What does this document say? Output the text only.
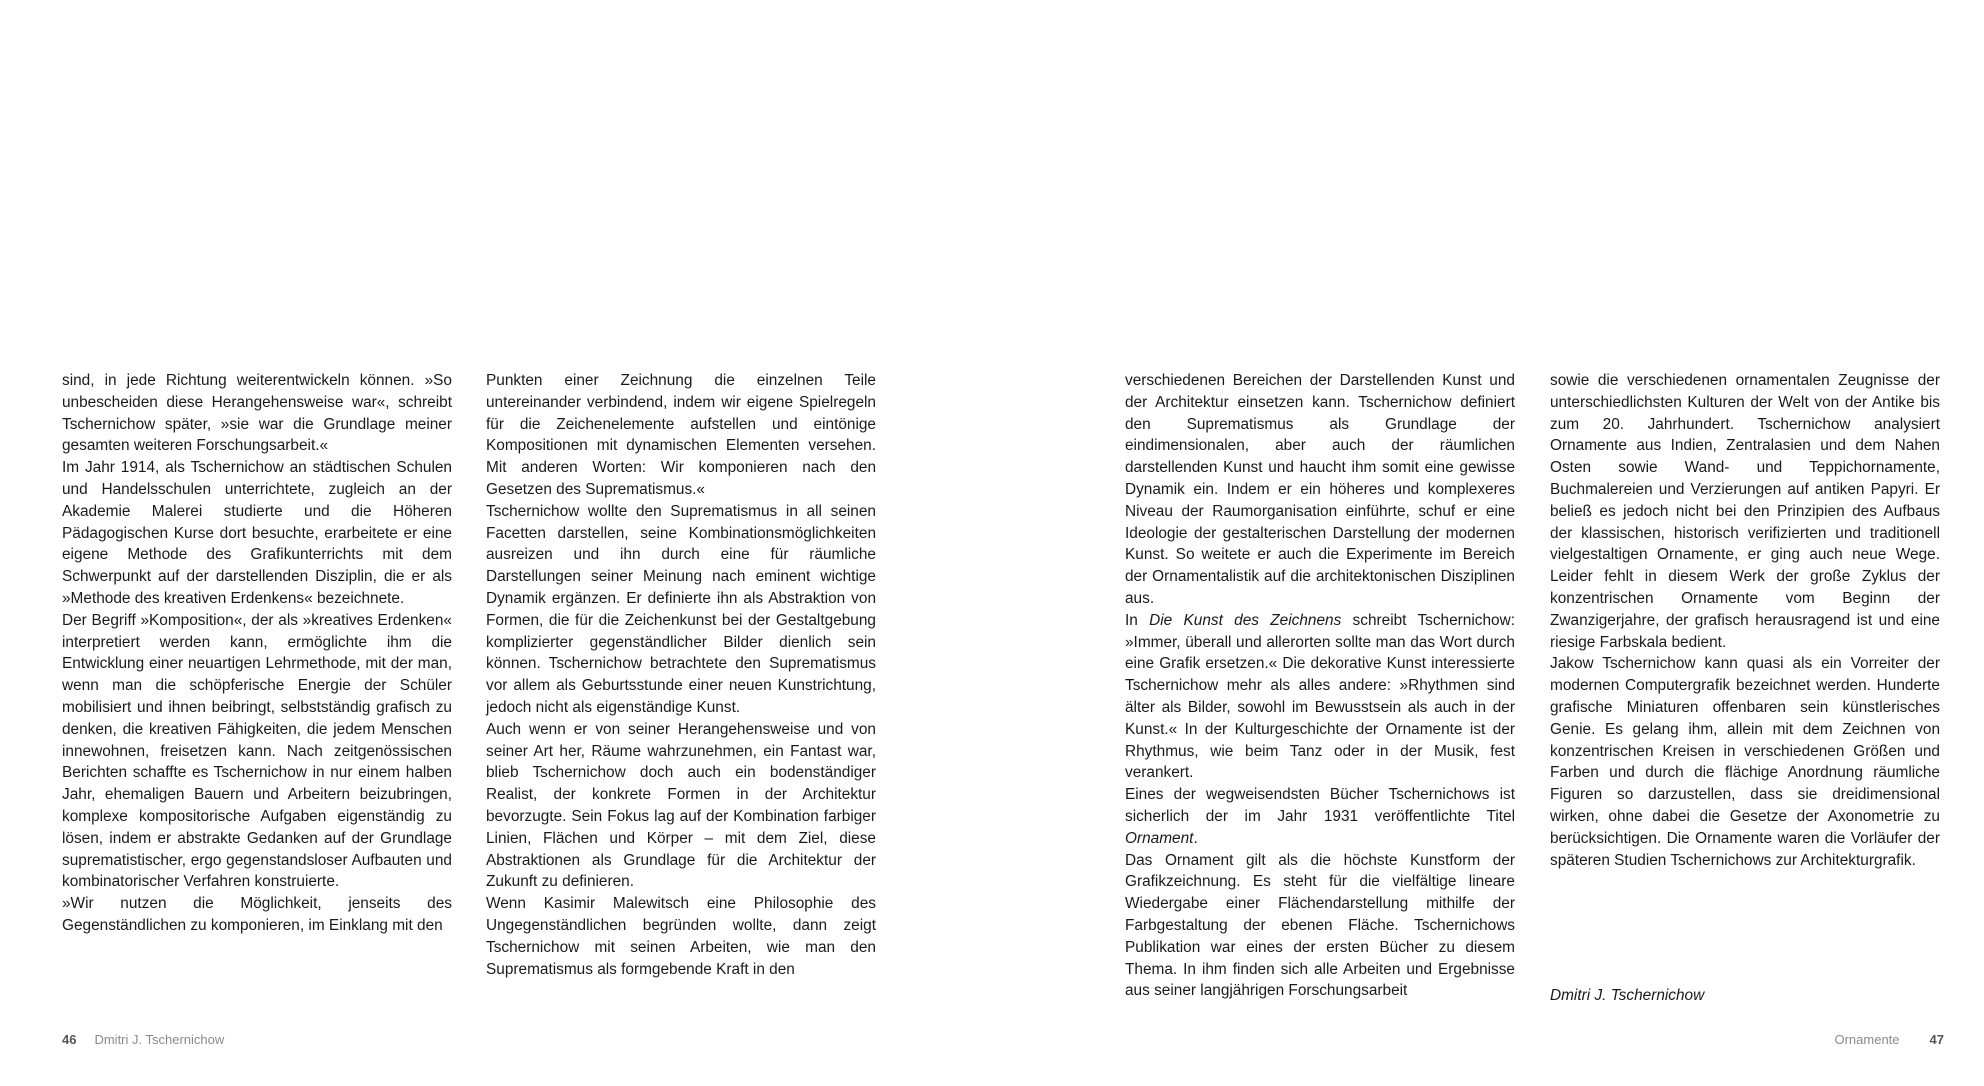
sind, in jede Richtung weiterentwickeln können. »So unbescheiden diese Herangehensweise war«, schreibt Tschernichow später, »sie war die Grundlage meiner gesamten weiteren Forschungsarbeit.«

Im Jahr 1914, als Tschernichow an städtischen Schulen und Handelsschulen unterrichtete, zugleich an der Akademie Malerei studierte und die Höheren Pädagogischen Kurse dort besuchte, erarbeitete er eine eigene Methode des Grafikunterrichts mit dem Schwerpunkt auf der darstellenden Disziplin, die er als »Methode des kreativen Erdenkens« bezeichnete.

Der Begriff »Komposition«, der als »kreatives Erdenken« interpretiert werden kann, ermöglichte ihm die Entwicklung einer neuartigen Lehrmethode, mit der man, wenn man die schöpferische Energie der Schüler mobilisiert und ihnen beibringt, selbstständig grafisch zu denken, die kreativen Fähigkeiten, die jedem Menschen innewohnen, freisetzen kann. Nach zeitgenössischen Berichten schaffte es Tschernichow in nur einem halben Jahr, ehemaligen Bauern und Arbeitern beizubringen, komplexe kompositorische Aufgaben eigenständig zu lösen, indem er abstrakte Gedanken auf der Grundlage suprematistischer, ergo gegenstandsloser Aufbauten und kombinatorischer Verfahren konstruierte.

»Wir nutzen die Möglichkeit, jenseits des Gegenständlichen zu komponieren, im Einklang mit den

Punkten einer Zeichnung die einzelnen Teile untereinander verbindend, indem wir eigene Spielregeln für die Zeichenelemente aufstellen und eintönige Kompositionen mit dynamischen Elementen versehen. Mit anderen Worten: Wir komponieren nach den Gesetzen des Suprematismus.«

Tschernichow wollte den Suprematismus in all seinen Facetten darstellen, seine Kombinationsmöglichkeiten ausreizen und ihn durch eine für räumliche Darstellungen seiner Meinung nach eminent wichtige Dynamik ergänzen. Er definierte ihn als Abstraktion von Formen, die für die Zeichenkunst bei der Gestaltgebung komplizierter gegenständlicher Bilder dienlich sein können. Tschernichow betrachtete den Suprematismus vor allem als Geburtsstunde einer neuen Kunstrichtung, jedoch nicht als eigenständige Kunst.

Auch wenn er von seiner Herangehensweise und von seiner Art her, Räume wahrzunehmen, ein Fantast war, blieb Tschernichow doch auch ein bodenständiger Realist, der konkrete Formen in der Architektur bevorzugte. Sein Fokus lag auf der Kombination farbiger Linien, Flächen und Körper – mit dem Ziel, diese Abstraktionen als Grundlage für die Architektur der Zukunft zu definieren.

Wenn Kasimir Malewitsch eine Philosophie des Ungegenständlichen begründen wollte, dann zeigt Tschernichow mit seinen Arbeiten, wie man den Suprematismus als formgebende Kraft in den

46 Dmitri J. Tschernichow

verschiedenen Bereichen der Darstellenden Kunst und der Architektur einsetzen kann. Tschernichow definiert den Suprematismus als Grundlage der eindimensionalen, aber auch der räumlichen darstellenden Kunst und haucht ihm somit eine gewisse Dynamik ein. Indem er ein höheres und komplexeres Niveau der Raumorganisation einführte, schuf er eine Ideologie der gestalterischen Darstellung der modernen Kunst. So weitete er auch die Experimente im Bereich der Ornamentalistik auf die architektonischen Disziplinen aus.

In Die Kunst des Zeichnens schreibt Tschernichow: »Immer, überall und allerorten sollte man das Wort durch eine Grafik ersetzen.« Die dekorative Kunst interessierte Tschernichow mehr als alles andere: »Rhythmen sind älter als Bilder, sowohl im Bewusstsein als auch in der Kunst.« In der Kulturgeschichte der Ornamente ist der Rhythmus, wie beim Tanz oder in der Musik, fest verankert.

Eines der wegweisendsten Bücher Tschernichows ist sicherlich der im Jahr 1931 veröffentlichte Titel Ornament.

Das Ornament gilt als die höchste Kunstform der Grafikzeichnung. Es steht für die vielfältige lineare Wiedergabe einer Flächendarstellung mithilfe der Farbgestaltung der ebenen Fläche. Tschernichows Publikation war eines der ersten Bücher zu diesem Thema. In ihm finden sich alle Arbeiten und Ergebnisse aus seiner langjährigen Forschungsarbeit

sowie die verschiedenen ornamentalen Zeugnisse der unterschiedlichsten Kulturen der Welt von der Antike bis zum 20. Jahrhundert. Tschernichow analysiert Ornamente aus Indien, Zentralasien und dem Nahen Osten sowie Wand- und Teppichornamente, Buchmalereien und Verzierungen auf antiken Papyri. Er beließ es jedoch nicht bei den Prinzipien des Aufbaus der klassischen, historisch verifizierten und traditionell vielgestaltigen Ornamente, er ging auch neue Wege. Leider fehlt in diesem Werk der große Zyklus der konzentrischen Ornamente vom Beginn der Zwanzigerjahre, der grafisch herausragend ist und eine riesige Farbskala bedient.

Jakow Tschernichow kann quasi als ein Vorreiter der modernen Computergrafik bezeichnet werden. Hunderte grafische Miniaturen offenbaren sein künstlerisches Genie. Es gelang ihm, allein mit dem Zeichnen von konzentrischen Kreisen in verschiedenen Größen und Farben und durch die flächige Anordnung räumliche Figuren so darzustellen, dass sie dreidimensional wirken, ohne dabei die Gesetze der Axonometrie zu berücksichtigen. Die Ornamente waren die Vorläufer der späteren Studien Tschernichows zur Architekturgrafik.

Dmitri J. Tschernichow
Ornamente 47
